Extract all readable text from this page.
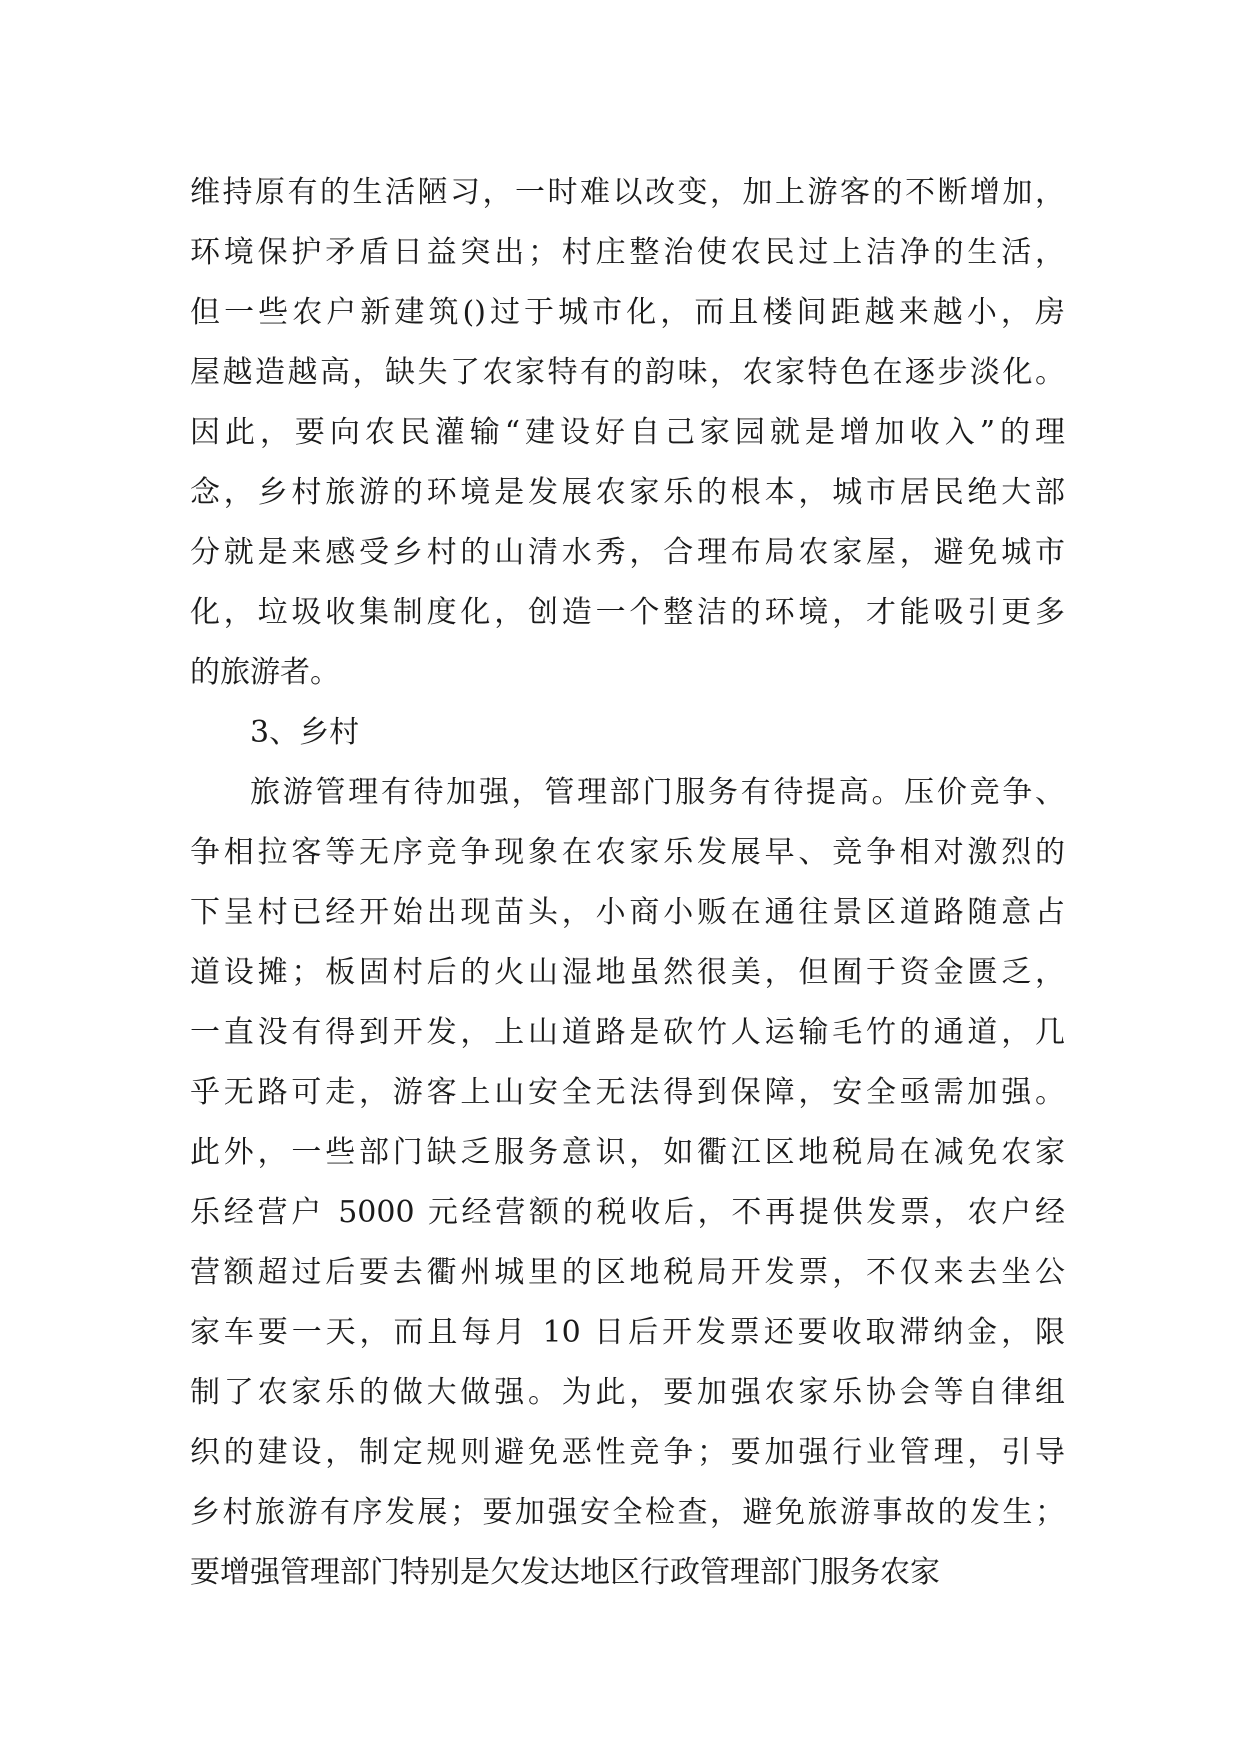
维持原有的生活陋习，一时难以改变，加上游客的不断增加，
环境保护矛盾日益突出；村庄整治使农民过上洁净的生活，
但一些农户新建筑()过于城市化，而且楼间距越来越小，房
屋越造越高，缺失了农家特有的韵味，农家特色在逐步淡化。
因此，要向农民灌输“建设好自己家园就是增加收入”的理
念，乡村旅游的环境是发展农家乐的根本，城市居民绝大部
分就是来感受乡村的山清水秀，合理布局农家屋，避免城市
化，垃圾收集制度化，创造一个整洁的环境，才能吸引更多
的旅游者。
3、乡村
旅游管理有待加强，管理部门服务有待提高。压价竞争、
争相拉客等无序竞争现象在农家乐发展早、竞争相对激烈的
下呈村已经开始出现苗头，小商小贩在通往景区道路随意占
道设摊；板固村后的火山湿地虽然很美，但囿于资金匮乏，
一直没有得到开发，上山道路是砍竹人运输毛竹的通道，几
乎无路可走，游客上山安全无法得到保障，安全亟需加强。
此外，一些部门缺乏服务意识，如衢江区地税局在减免农家
乐经营户 5000 元经营额的税收后，不再提供发票，农户经
营额超过后要去衢州城里的区地税局开发票，不仅来去坐公
家车要一天，而且每月 10 日后开发票还要收取滞纳金，限
制了农家乐的做大做强。为此，要加强农家乐协会等自律组
织的建设，制定规则避免恶性竞争；要加强行业管理，引导
乡村旅游有序发展；要加强安全检查，避免旅游事故的发生；
要增强管理部门特别是欠发达地区行政管理部门服务农家
